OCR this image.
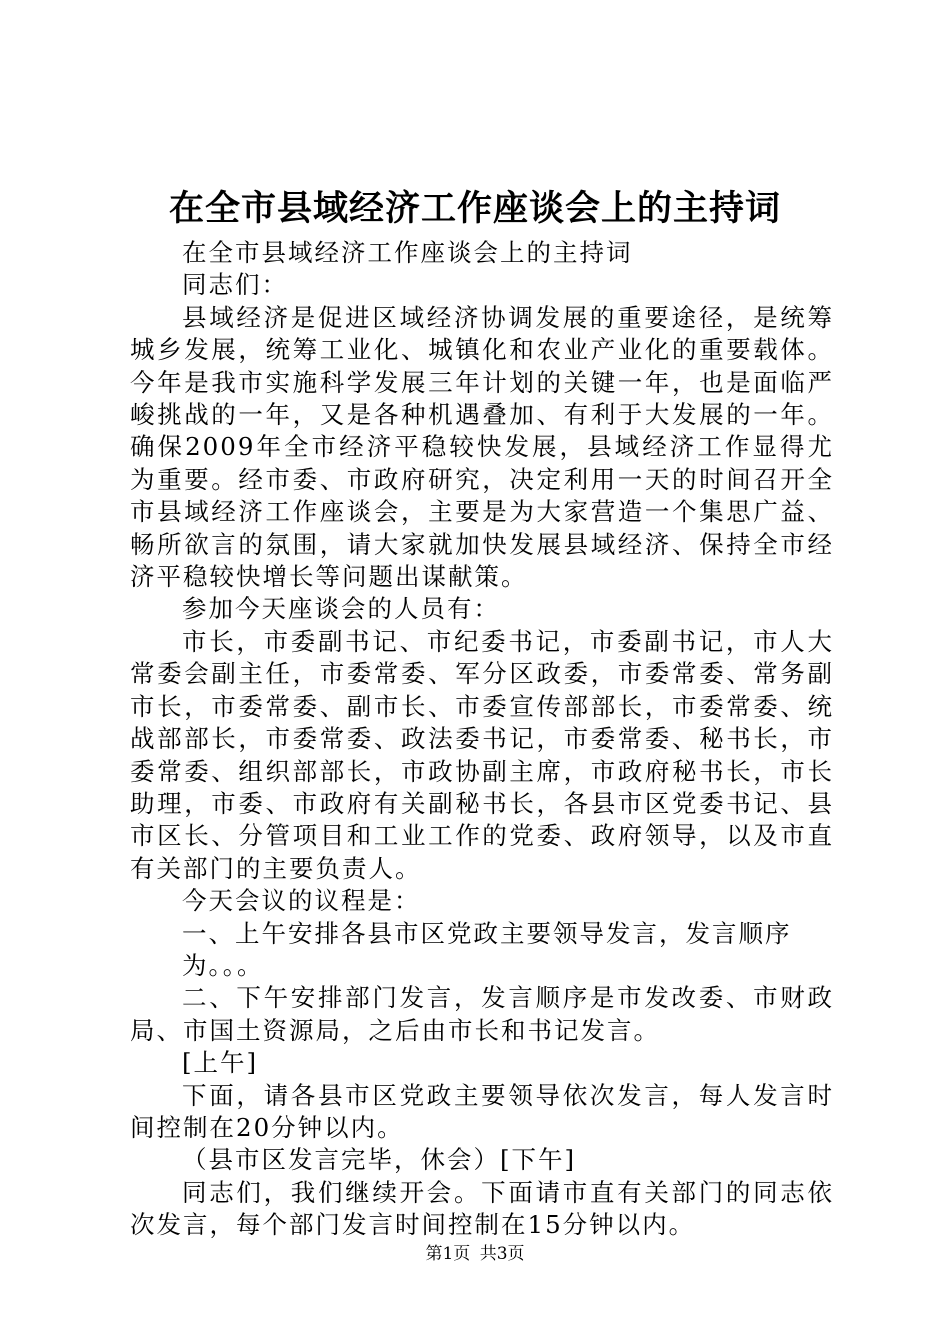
在全市县域经济工作座谈会上的主持词

在全市县域经济工作座谈会上的主持词

同志们：

县域经济是促进区域经济协调发展的重要途径，是统筹城乡发展，统筹工业化、城镇化和农业产业化的重要载体。今年是我市实施科学发展三年计划的关键一年，也是面临严峻挑战的一年，又是各种机遇叠加、有利于大发展的一年。确保2009年全市经济平稳较快发展，县域经济工作显得尤为重要。经市委、市政府研究，决定利用一天的时间召开全市县域经济工作座谈会，主要是为大家营造一个集思广益、畅所欲言的氛围，请大家就加快发展县域经济、保持全市经济平稳较快增长等问题出谋献策。

参加今天座谈会的人员有：

市长，市委副书记、市纪委书记，市委副书记，市人大常委会副主任，市委常委、军分区政委，市委常委、常务副市长，市委常委、副市长、市委宣传部部长，市委常委、统战部部长，市委常委、政法委书记，市委常委、秘书长，市委常委、组织部部长，市政协副主席，市政府秘书长，市长助理，市委、市政府有关副秘书长，各县市区党委书记、县市区长、分管项目和工业工作的党委、政府领导，以及市直有关部门的主要负责人。

今天会议的议程是：

一、上午安排各县市区党政主要领导发言，发言顺序

为。。。

二、下午安排部门发言，发言顺序是市发改委、市财政局、市国土资源局，之后由市长和书记发言。

[上午]

下面，请各县市区党政主要领导依次发言，每人发言时间控制在20分钟以内。

（县市区发言完毕，休会）[下午]

同志们，我们继续开会。下面请市直有关部门的同志依次发言，每个部门发言时间控制在15分钟以内。

第1页 共3页
